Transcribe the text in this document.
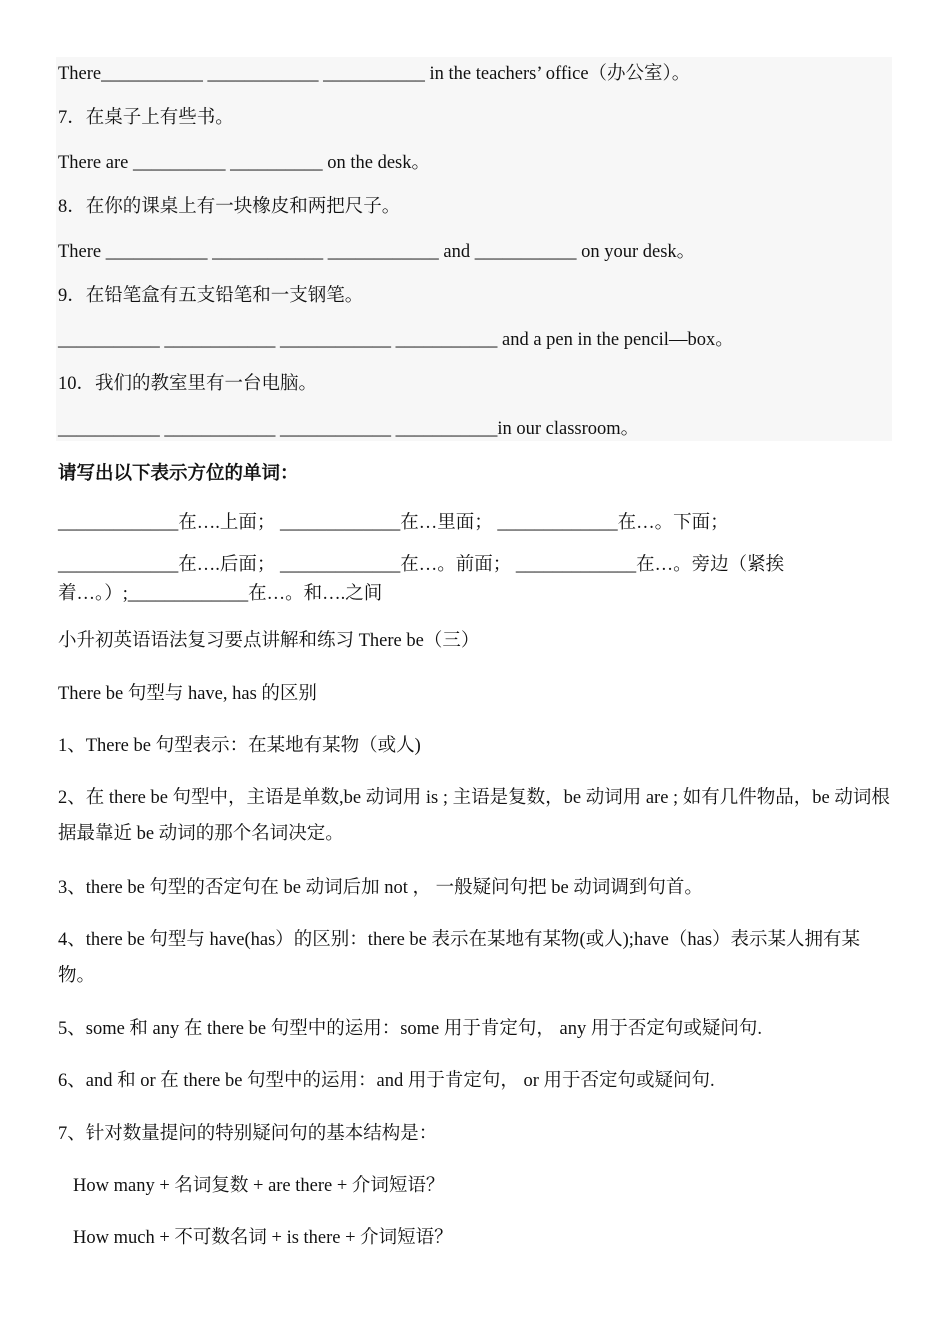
There___________ ____________ ___________ in the teachers’ office（办公室）。
7．在桌子上有些书。
There are __________ __________ on the desk。
8．在你的课桌上有一块橡皮和两把尺子。
There ___________ ____________ ____________ and ___________ on your desk。
9．在铅笔盒有五支铅笔和一支钢笔。
___________ ____________ ____________ ___________ and a pen in the pencil—box。
10．我们的教室里有一台电脑。
___________ ____________ ____________ ___________in our classroom。
请写出以下表示方位的单词：
_____________在….上面； _____________在…里面； _____________在…。下面；
_____________在….后面； _____________在…。前面； _____________在…。旁边（紧挨着…。）;_____________在…。和….之间
小升初英语语法复习要点讲解和练习 There be（三）
There be 句型与 have, has 的区别
1、There be 句型表示：在某地有某物（或人)
2、在 there be 句型中，主语是单数,be 动词用 is ; 主语是复数，be 动词用 are ; 如有几件物品，be 动词根据最靠近 be 动词的那个名词决定。
3、there be 句型的否定句在 be 动词后加 not ， 一般疑问句把 be 动词调到句首。
4、there be 句型与 have(has）的区别：there be 表示在某地有某物(或人);have（has）表示某人拥有某物。
5、some 和 any 在 there be 句型中的运用：some 用于肯定句， any 用于否定句或疑问句.
6、and 和 or 在 there be 句型中的运用：and 用于肯定句， or 用于否定句或疑问句.
7、针对数量提问的特别疑问句的基本结构是：
How many + 名词复数 + are there + 介词短语？
How much + 不可数名词 + is there + 介词短语？
